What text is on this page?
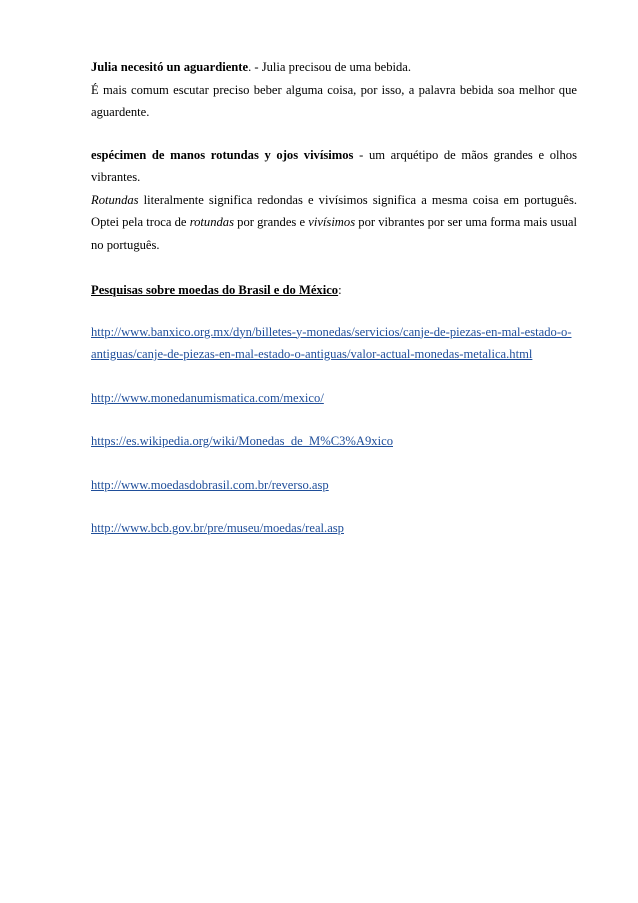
Julia necesitó un aguardiente. - Julia precisou de uma bebida.

É mais comum escutar preciso beber alguma coisa, por isso, a palavra bebida soa melhor que aguardente.

espécimen de manos rotundas y ojos vivísimos - um arquétipo de mãos grandes e olhos vibrantes.

Rotundas literalmente significa redondas e vivísimos significa a mesma coisa em português. Optei pela troca de rotundas por grandes e vivísimos por vibrantes por ser uma forma mais usual no português.

Pesquisas sobre moedas do Brasil e do México:

http://www.banxico.org.mx/dyn/billetes-y-monedas/servicios/canje-de-piezas-en-mal-estado-o-antiguas/canje-de-piezas-en-mal-estado-o-antiguas/valor-actual-monedas-metalica.html
http://www.monedanumismatica.com/mexico/
https://es.wikipedia.org/wiki/Monedas_de_M%C3%A9xico
http://www.moedasdobrasil.com.br/reverso.asp
http://www.bcb.gov.br/pre/museu/moedas/real.asp
